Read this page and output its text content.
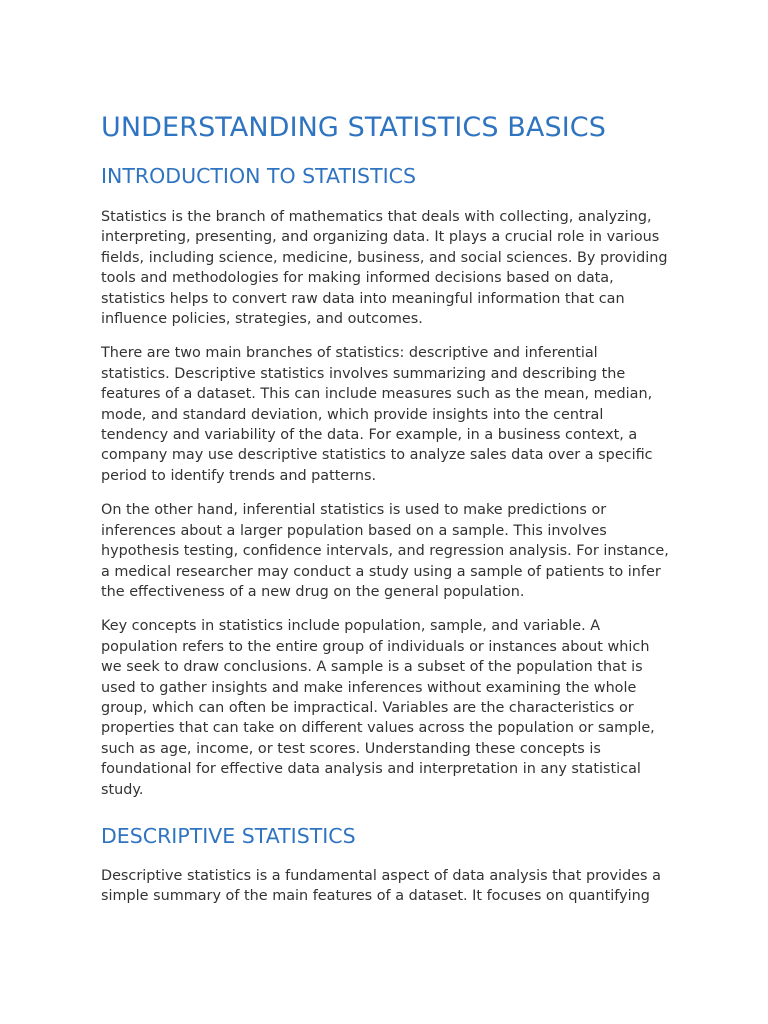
UNDERSTANDING STATISTICS BASICS
INTRODUCTION TO STATISTICS

Statistics is the branch of mathematics that deals with collecting, analyzing, interpreting, presenting, and organizing data. It plays a crucial role in various fields, including science, medicine, business, and social sciences. By providing tools and methodologies for making informed decisions based on data, statistics helps to convert raw data into meaningful information that can influence policies, strategies, and outcomes.

There are two main branches of statistics: descriptive and inferential statistics. Descriptive statistics involves summarizing and describing the features of a dataset. This can include measures such as the mean, median, mode, and standard deviation, which provide insights into the central tendency and variability of the data. For example, in a business context, a company may use descriptive statistics to analyze sales data over a specific period to identify trends and patterns.

On the other hand, inferential statistics is used to make predictions or inferences about a larger population based on a sample. This involves hypothesis testing, confidence intervals, and regression analysis. For instance, a medical researcher may conduct a study using a sample of patients to infer the effectiveness of a new drug on the general population.

Key concepts in statistics include population, sample, and variable. A population refers to the entire group of individuals or instances about which we seek to draw conclusions. A sample is a subset of the population that is used to gather insights and make inferences without examining the whole group, which can often be impractical. Variables are the characteristics or properties that can take on different values across the population or sample, such as age, income, or test scores. Understanding these concepts is foundational for effective data analysis and interpretation in any statistical study.

DESCRIPTIVE STATISTICS

Descriptive statistics is a fundamental aspect of data analysis that provides a simple summary of the main features of a dataset. It focuses on quantifying
